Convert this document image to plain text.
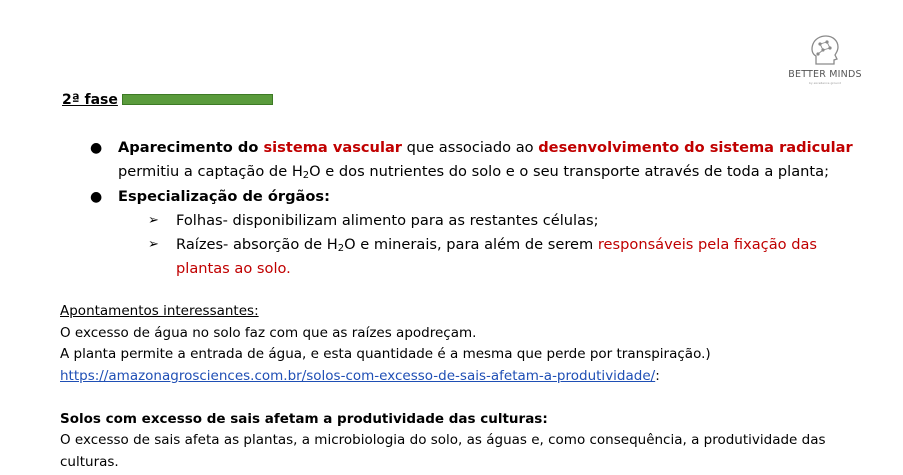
BETTER MINDS
by excellence ground
2ª fase
● Aparecimento do sistema vascular que associado ao desenvolvimento do sistema radicular
permitiu a captação de $H_2O$ e dos nutrientes do solo e o seu transporte através de toda a planta;
● Especialização de órgãos:
➢ Folhas- disponibilizam alimento para as restantes células;
➢ Raízes- absorção de $H_2O$ e minerais, para além de serem responsáveis pela fixação das
plantas ao solo.
Apontamentos interessantes:
O excesso de água no solo faz com que as raízes apodreçam.
A planta permite a entrada de água, e esta quantidade é a mesma que perde por transpiração.)
https://amazonagrosciences.com.br/solos-com-excesso-de-sais-afetam-a-produtividade/:
Solos com excesso de sais afetam a produtividade das culturas:
O excesso de sais afeta as plantas, a microbiologia do solo, as águas e, como consequência, a produtividade das
culturas.
